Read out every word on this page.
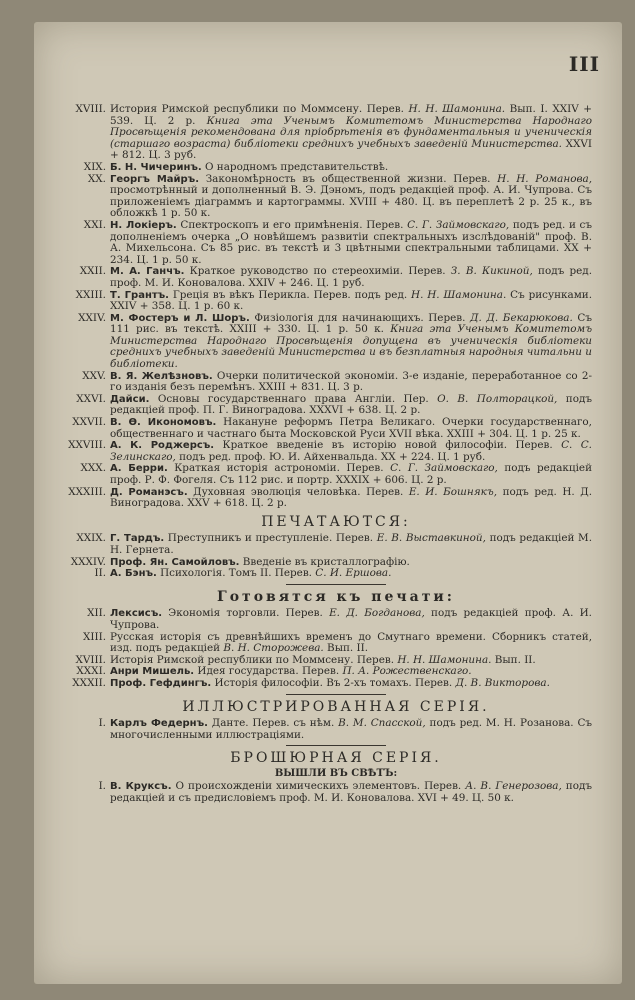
III
XVIII. История Римской республики по Моммсену. Перев. Н. Н. Шамонина. Вып. I. XXIV + 539. Ц. 2 р. Книга эта Ученымъ Комитетомъ Министерства Народнаго Просвѣщенія рекомендована для пріобрѣтенія въ фундаментальныя и ученическія (старшаго возраста) библіотеки среднихъ учебныхъ заведеній Министерства. XXVI + 812. Ц. 3 руб.
XIX. Б. Н. Чичеринъ. О народномъ представительствѣ.
XX. Георгъ Майръ. Закономѣрность въ общественной жизни. Перев. Н. Н. Романова, просмотрѣнный и дополненный В. Э. Дэномъ, подъ редакціей проф. А. И. Чупрова. Съ приложеніемъ діаграммъ и картограммы. XVIII + 480. Ц. въ переплетѣ 2 р. 25 к., въ обложкѣ 1 р. 50 к.
XXI. Н. Локіеръ. Спектроскопъ и его примѣненія. Перев. С. Г. Займовскаго, подъ ред. и съ дополненіемъ очерка „О новѣйшемъ развитіи спектральныхъ изслѣдованій" проф. В. А. Михельсона. Съ 85 рис. въ текстѣ и 3 цвѣтными спектральными таблицами. XX + 234. Ц. 1 р. 50 к.
XXII. М. А. Ганчъ. Краткое руководство по стереохиміи. Перев. З. В. Кикиной, подъ ред. проф. М. И. Коновалова. XXIV + 246. Ц. 1 руб.
XXIII. Т. Грантъ. Греція въ вѣкъ Перикла. Перев. подъ ред. Н. Н. Шамонина. Съ рисунками. XXIV + 358. Ц. 1 р. 60 к.
XXIV. М. Фостеръ и Л. Шоръ. Физіологія для начинающихъ. Перев. Д. Д. Бекарюкова. Съ 111 рис. въ текстѣ. XXIII + 330. Ц. 1 р. 50 к. Книга эта Ученымъ Комитетомъ Министерства Народнаго Просвѣщенія допущена въ ученическія библіотеки среднихъ учебныхъ заведеній Министерства и въ безплатныя народныя читальни и библіотеки.
XXV. В. Я. Желѣзновъ. Очерки политической экономіи. 3-е изданіе, переработанное со 2-го изданія безъ перемѣнъ. XXIII + 831. Ц. 3 р.
XXVI. Дайси. Основы государственнаго права Англіи. Пер. О. В. Полторацкой, подъ редакціей проф. П. Г. Виноградова. XXXVI + 638. Ц. 2 р.
XXVII. В. Ѳ. Икономовъ. Накануне реформъ Петра Великаго. Очерки государственнаго, общественнаго и частнаго быта Московской Руси XVII вѣка. XXIII + 304. Ц. 1 р. 25 к.
XXVIII. А. К. Роджерсъ. Краткое введеніе въ исторію новой философіи. Перев. С. С. Зелинскаго, подъ ред. проф. Ю. И. Айхенвальда. XX + 224. Ц. 1 руб.
XXX. А. Берри. Краткая исторія астрономіи. Перев. С. Г. Займовскаго, подъ редакціей проф. Р. Ф. Фогеля. Съ 112 рис. и портр. XXXIX + 606. Ц. 2 р.
XXXIII. Д. Романэсъ. Духовная эволюція человѣка. Перев. Е. И. Бошнякъ, подъ ред. Н. Д. Виноградова. XXV + 618. Ц. 2 р.
ПЕЧАТАЮТСЯ:
XXIX. Г. Тардъ. Преступникъ и преступленіе. Перев. Е. В. Выставкиной, подъ редакціей М. Н. Гернета.
XXXIV. Проф. Ян. Самойловъ. Введеніе въ кристаллографію.
II. А. Бэнъ. Психологія. Томъ II. Перев. С. И. Ершова.
Готовятся къ печати:
XII. Лексисъ. Экономія торговли. Перев. Е. Д. Богданова, подъ редакціей проф. А. И. Чупрова.
XIII. Русская исторія съ древнѣйшихъ временъ до Смутнаго времени. Сборникъ статей, изд. подъ редакціей В. Н. Сторожева. Вып. II.
XVIII. Исторія Римской республики по Моммсену. Перев. Н. Н. Шамонина. Вып. II.
XXXI. Анри Мишель. Идея государства. Перев. П. А. Рожественскаго.
XXXII. Проф. Гефдингъ. Исторія философіи. Въ 2-хъ томахъ. Перев. Д. В. Викторова.
ИЛЛЮСТРИРОВАННАЯ СЕРІЯ.
I. Карлъ Федернъ. Данте. Перев. съ нѣм. В. М. Спасской, подъ ред. М. Н. Розанова. Съ многочисленными иллюстраціями.
БРОШЮРНАЯ СЕРІЯ.
ВЫШЛИ ВЪ СВѢТЪ:
I. В. Круксъ. О происхожденіи химическихъ элементовъ. Перев. А. В. Генерозова, подъ редакціей и съ предисловіемъ проф. М. И. Коновалова. XVI + 49. Ц. 50 к.
